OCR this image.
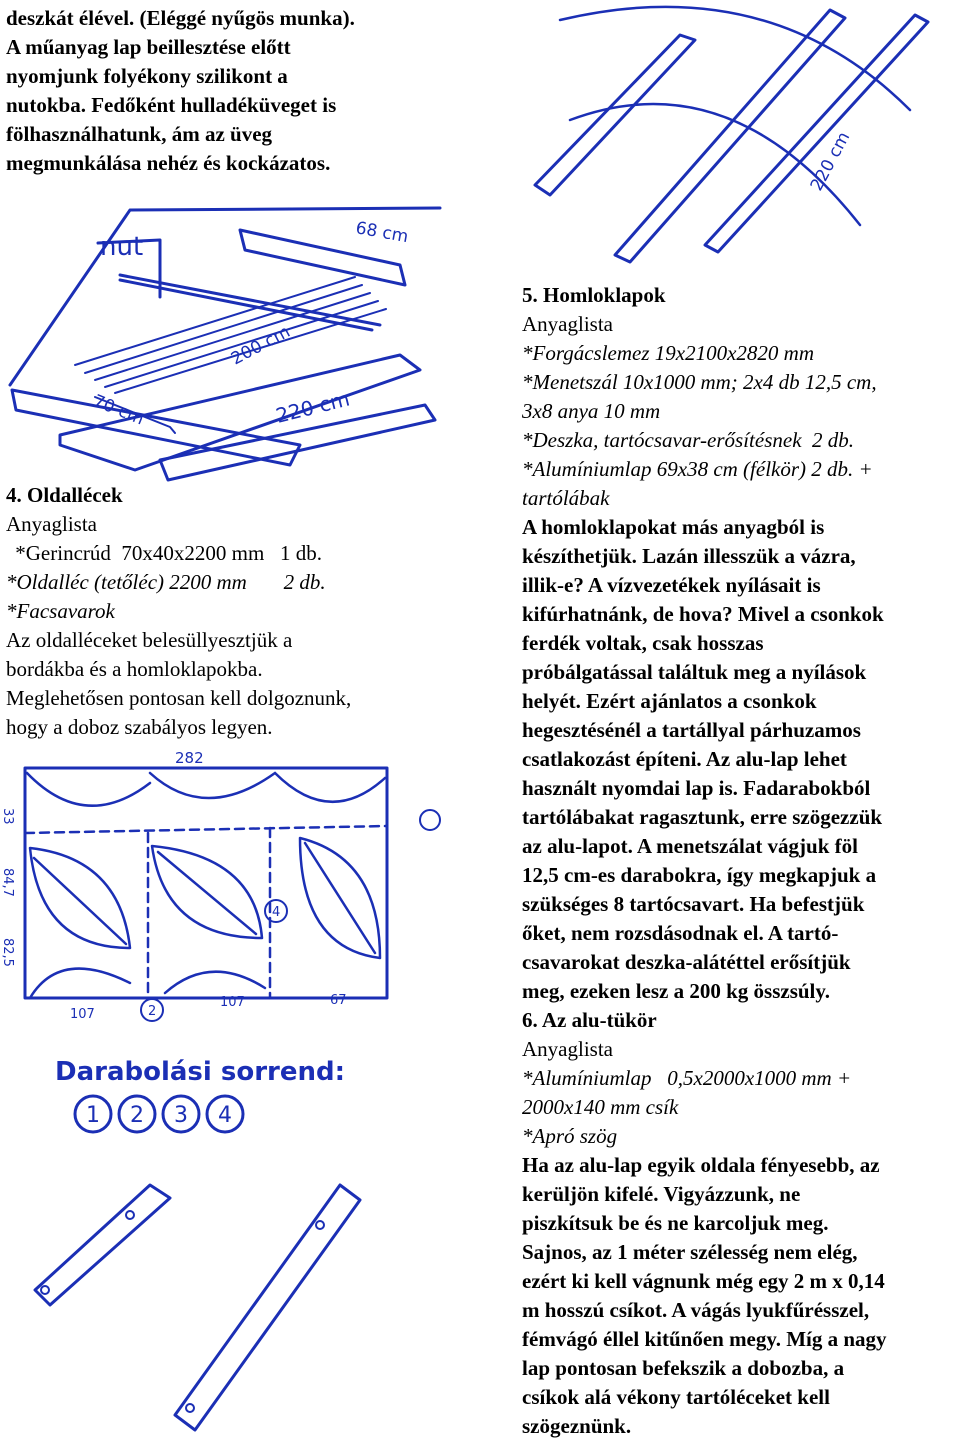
deszkát élével. (Eléggé nyűgös munka).
A műanyag lap beillesztése előtt
nyomjunk folyékony szilikont a
nutokba. Fedőként hulladéküveget is
fölhasználhatunk, ám az üveg
megmunkálása nehéz és kockázatos.
4. Oldallécek
Anyaglista
*Gerincrúd  70x40x2200 mm   1 db.
*Oldalléc (tetőléc) 2200 mm       2 db.
*Facsavarok
Az oldalléceket belesüllyesztjük a
bordákba és a homloklapokba.
Meglehetősen pontosan kell dolgoznunk,
hogy a doboz szabályos legyen.
nut	68 cm
200 cm
70 cm	220 cm
282
33
84,7
82,5
107
107	67
2
4
Darabolási sorrend:
1 2 3 4
220 cm
5. Homloklapok
Anyaglista
*Forgácslemez 19x2100x2820 mm
*Menetszál 10x1000 mm; 2x4 db 12,5 cm,
3x8 anya 10 mm
*Deszka, tartócsavar-erősítésnek  2 db.
*Alumíniumlap 69x38 cm (félkör) 2 db. +
tartólábak
A homloklapokat más anyagból is
készíthetjük. Lazán illesszük a vázra,
illik-e? A vízvezetékek nyílásait is
kifúrhatnánk, de hova? Mivel a csonkok
ferdék voltak, csak hosszas
próbálgatással találtuk meg a nyílások
helyét. Ezért ajánlatos a csonkok
hegesztésénél a tartállyal párhuzamos
csatlakozást építeni. Az alu-lap lehet
használt nyomdai lap is. Fadarabokból
tartólábakat ragasztunk, erre szögezzük
az alu-lapot. A menetszálat vágjuk föl
12,5 cm-es darabokra, így megkapjuk a
szükséges 8 tartócsavart. Ha befestjük
őket, nem rozsdásodnak el. A tartó-
csavarokat deszka-alátéttel erősítjük
meg, ezeken lesz a 200 kg összsúly.
6. Az alu-tükör
Anyaglista
*Alumíniumlap   0,5x2000x1000 mm +
2000x140 mm csík
*Apró szög
Ha az alu-lap egyik oldala fényesebb, az
kerüljön kifelé. Vigyázzunk, ne
piszkítsuk be és ne karcoljuk meg.
Sajnos, az 1 méter szélesség nem elég,
ezért ki kell vágnunk még egy 2 m x 0,14
m hosszú csíkot. A vágás lyukfűrésszel,
fémvágó éllel kitűnően megy. Míg a nagy
lap pontosan befekszik a dobozba, a
csíkok alá vékony tartóléceket kell
szögeznünk.
